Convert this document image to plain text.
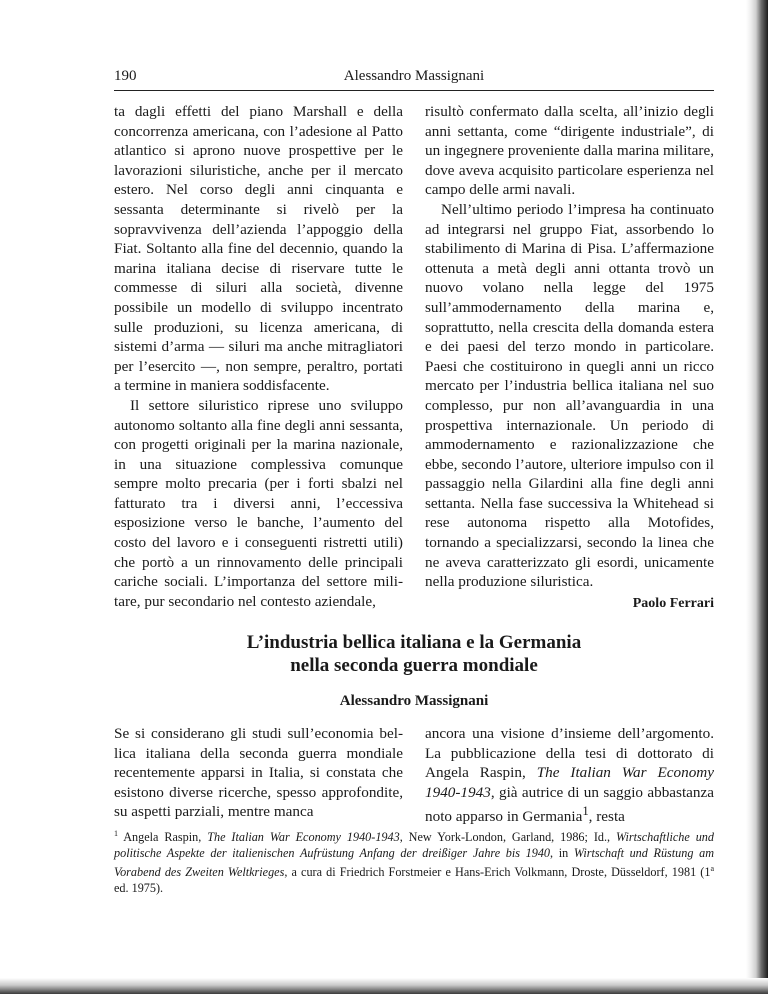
190	Alessandro Massignani

ta dagli effetti del piano Marshall e della concorrenza americana, con l’adesione al Patto atlantico si aprono nuove prospettive per le lavorazioni siluristiche, anche per il mercato estero. Nel corso degli anni cinquanta e sessanta determinante si rivelò per la sopravvivenza dell’azienda l’appoggio della Fiat. Soltanto alla fine del decennio, quando la marina italiana decise di riservare tutte le commesse di siluri alla società, divenne possibile un modello di sviluppo incentrato sulle produzioni, su licenza americana, di sistemi d’arma — siluri ma anche mitragliatori per l’esercito —, non sempre, peraltro, portati a termine in maniera soddisfacente.

Il settore siluristico riprese uno sviluppo autonomo soltanto alla fine degli anni sessanta, con progetti originali per la marina nazionale, in una situazione complessiva comunque sempre molto precaria (per i forti sbalzi nel fatturato tra i diversi anni, l’eccessiva esposizione verso le banche, l’aumento del costo del lavoro e i conseguenti ristretti utili) che portò a un rinnovamento delle principali cariche sociali. L’importanza del settore militare, pur secondario nel contesto aziendale,

risultò confermato dalla scelta, all’inizio degli anni settanta, come “dirigente industriale”, di un ingegnere proveniente dalla marina militare, dove aveva acquisito particolare esperienza nel campo delle armi navali.

Nell’ultimo periodo l’impresa ha continuato ad integrarsi nel gruppo Fiat, assorbendo lo stabilimento di Marina di Pisa. L’affermazione ottenuta a metà degli anni ottanta trovò un nuovo volano nella legge del 1975 sull’ammodernamento della marina e, soprattutto, nella crescita della domanda estera e dei paesi del terzo mondo in particolare. Paesi che costituirono in quegli anni un ricco mercato per l’industria bellica italiana nel suo complesso, pur non all’avanguardia in una prospettiva internazionale. Un periodo di ammodernamento e razionalizzazione che ebbe, secondo l’autore, ulteriore impulso con il passaggio nella Gilardini alla fine degli anni settanta. Nella fase successiva la Whitehead si rese autonoma rispetto alla Motofides, tornando a specializzarsi, secondo la linea che ne aveva caratterizzato gli esordi, unicamente nella produzione siluristica.

Paolo Ferrari
L’industria bellica italiana e la Germania
nella seconda guerra mondiale
Alessandro Massignani

Se si considerano gli studi sull’economia bellica italiana della seconda guerra mondiale recentemente apparsi in Italia, si constata che esistono diverse ricerche, spesso approfondite, su aspetti parziali, mentre manca

ancora una visione d’insieme dell’argomento. La pubblicazione della tesi di dottorato di Angela Raspin, The Italian War Economy 1940-1943, già autrice di un saggio abbastanza noto apparso in Germania$^1$, resta

$^1$ Angela Raspin, The Italian War Economy 1940-1943, New York-London, Garland, 1986; Id., Wirtschaftliche und politische Aspekte der italienischen Aufrüstung Anfang der dreißiger Jahre bis 1940, in Wirtschaft und Rüstung am Vorabend des Zweiten Weltkrieges, a cura di Friedrich Forstmeier e Hans-Erich Volkmann, Droste, Düsseldorf, 1981 (1$^a$ ed. 1975).
